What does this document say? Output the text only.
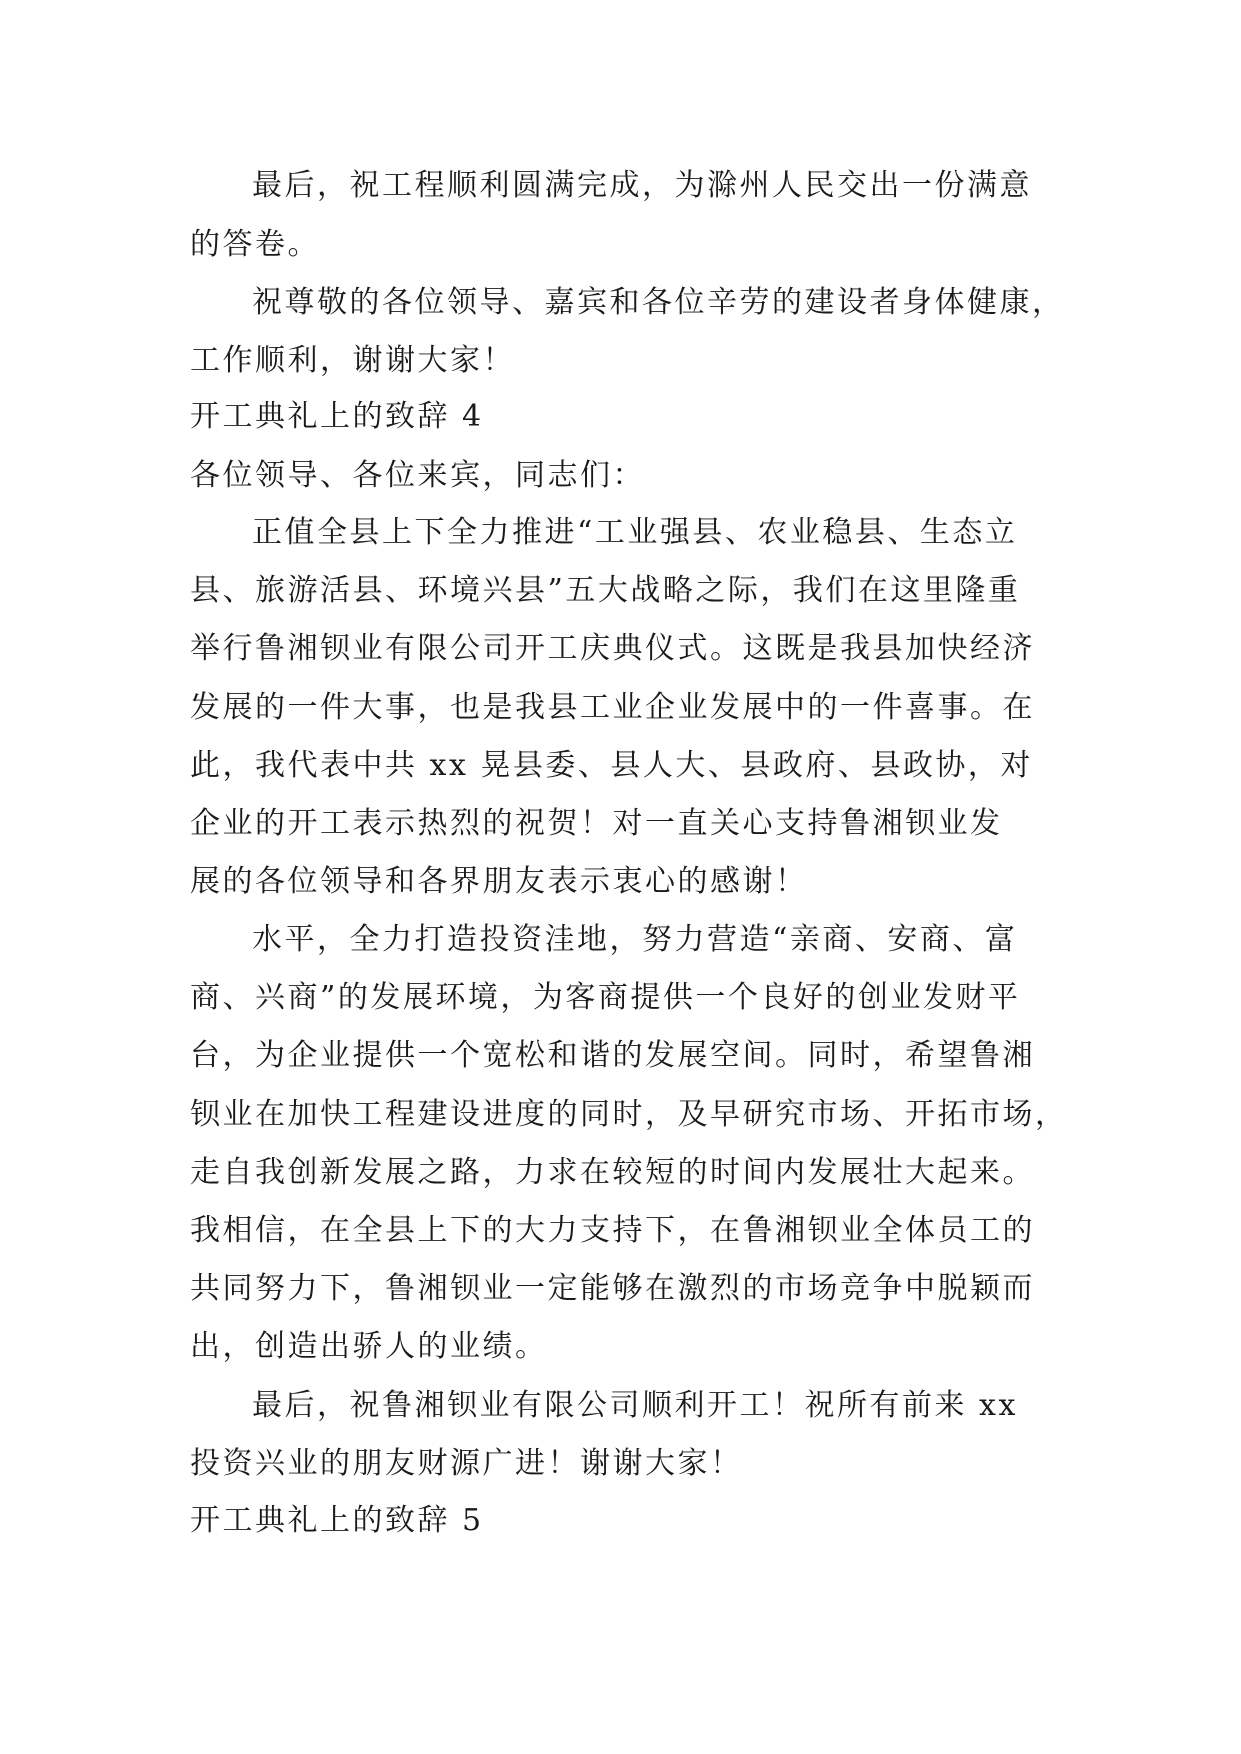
最后，祝工程顺利圆满完成，为滁州人民交出一份满意
的答卷。
祝尊敬的各位领导、嘉宾和各位辛劳的建设者身体健康，
工作顺利，谢谢大家！
开工典礼上的致辞 4
各位领导、各位来宾，同志们：
正值全县上下全力推进“工业强县、农业稳县、生态立
县、旅游活县、环境兴县”五大战略之际，我们在这里隆重
举行鲁湘钡业有限公司开工庆典仪式。这既是我县加快经济
发展的一件大事，也是我县工业企业发展中的一件喜事。在
此，我代表中共 xx 晃县委、县人大、县政府、县政协，对
企业的开工表示热烈的祝贺！对一直关心支持鲁湘钡业发
展的各位领导和各界朋友表示衷心的感谢！
水平，全力打造投资洼地，努力营造“亲商、安商、富
商、兴商”的发展环境，为客商提供一个良好的创业发财平
台，为企业提供一个宽松和谐的发展空间。同时，希望鲁湘
钡业在加快工程建设进度的同时，及早研究市场、开拓市场，
走自我创新发展之路，力求在较短的时间内发展壮大起来。
我相信，在全县上下的大力支持下，在鲁湘钡业全体员工的
共同努力下，鲁湘钡业一定能够在激烈的市场竞争中脱颖而
出，创造出骄人的业绩。
最后，祝鲁湘钡业有限公司顺利开工！祝所有前来 xx
投资兴业的朋友财源广进！谢谢大家！
开工典礼上的致辞 5
